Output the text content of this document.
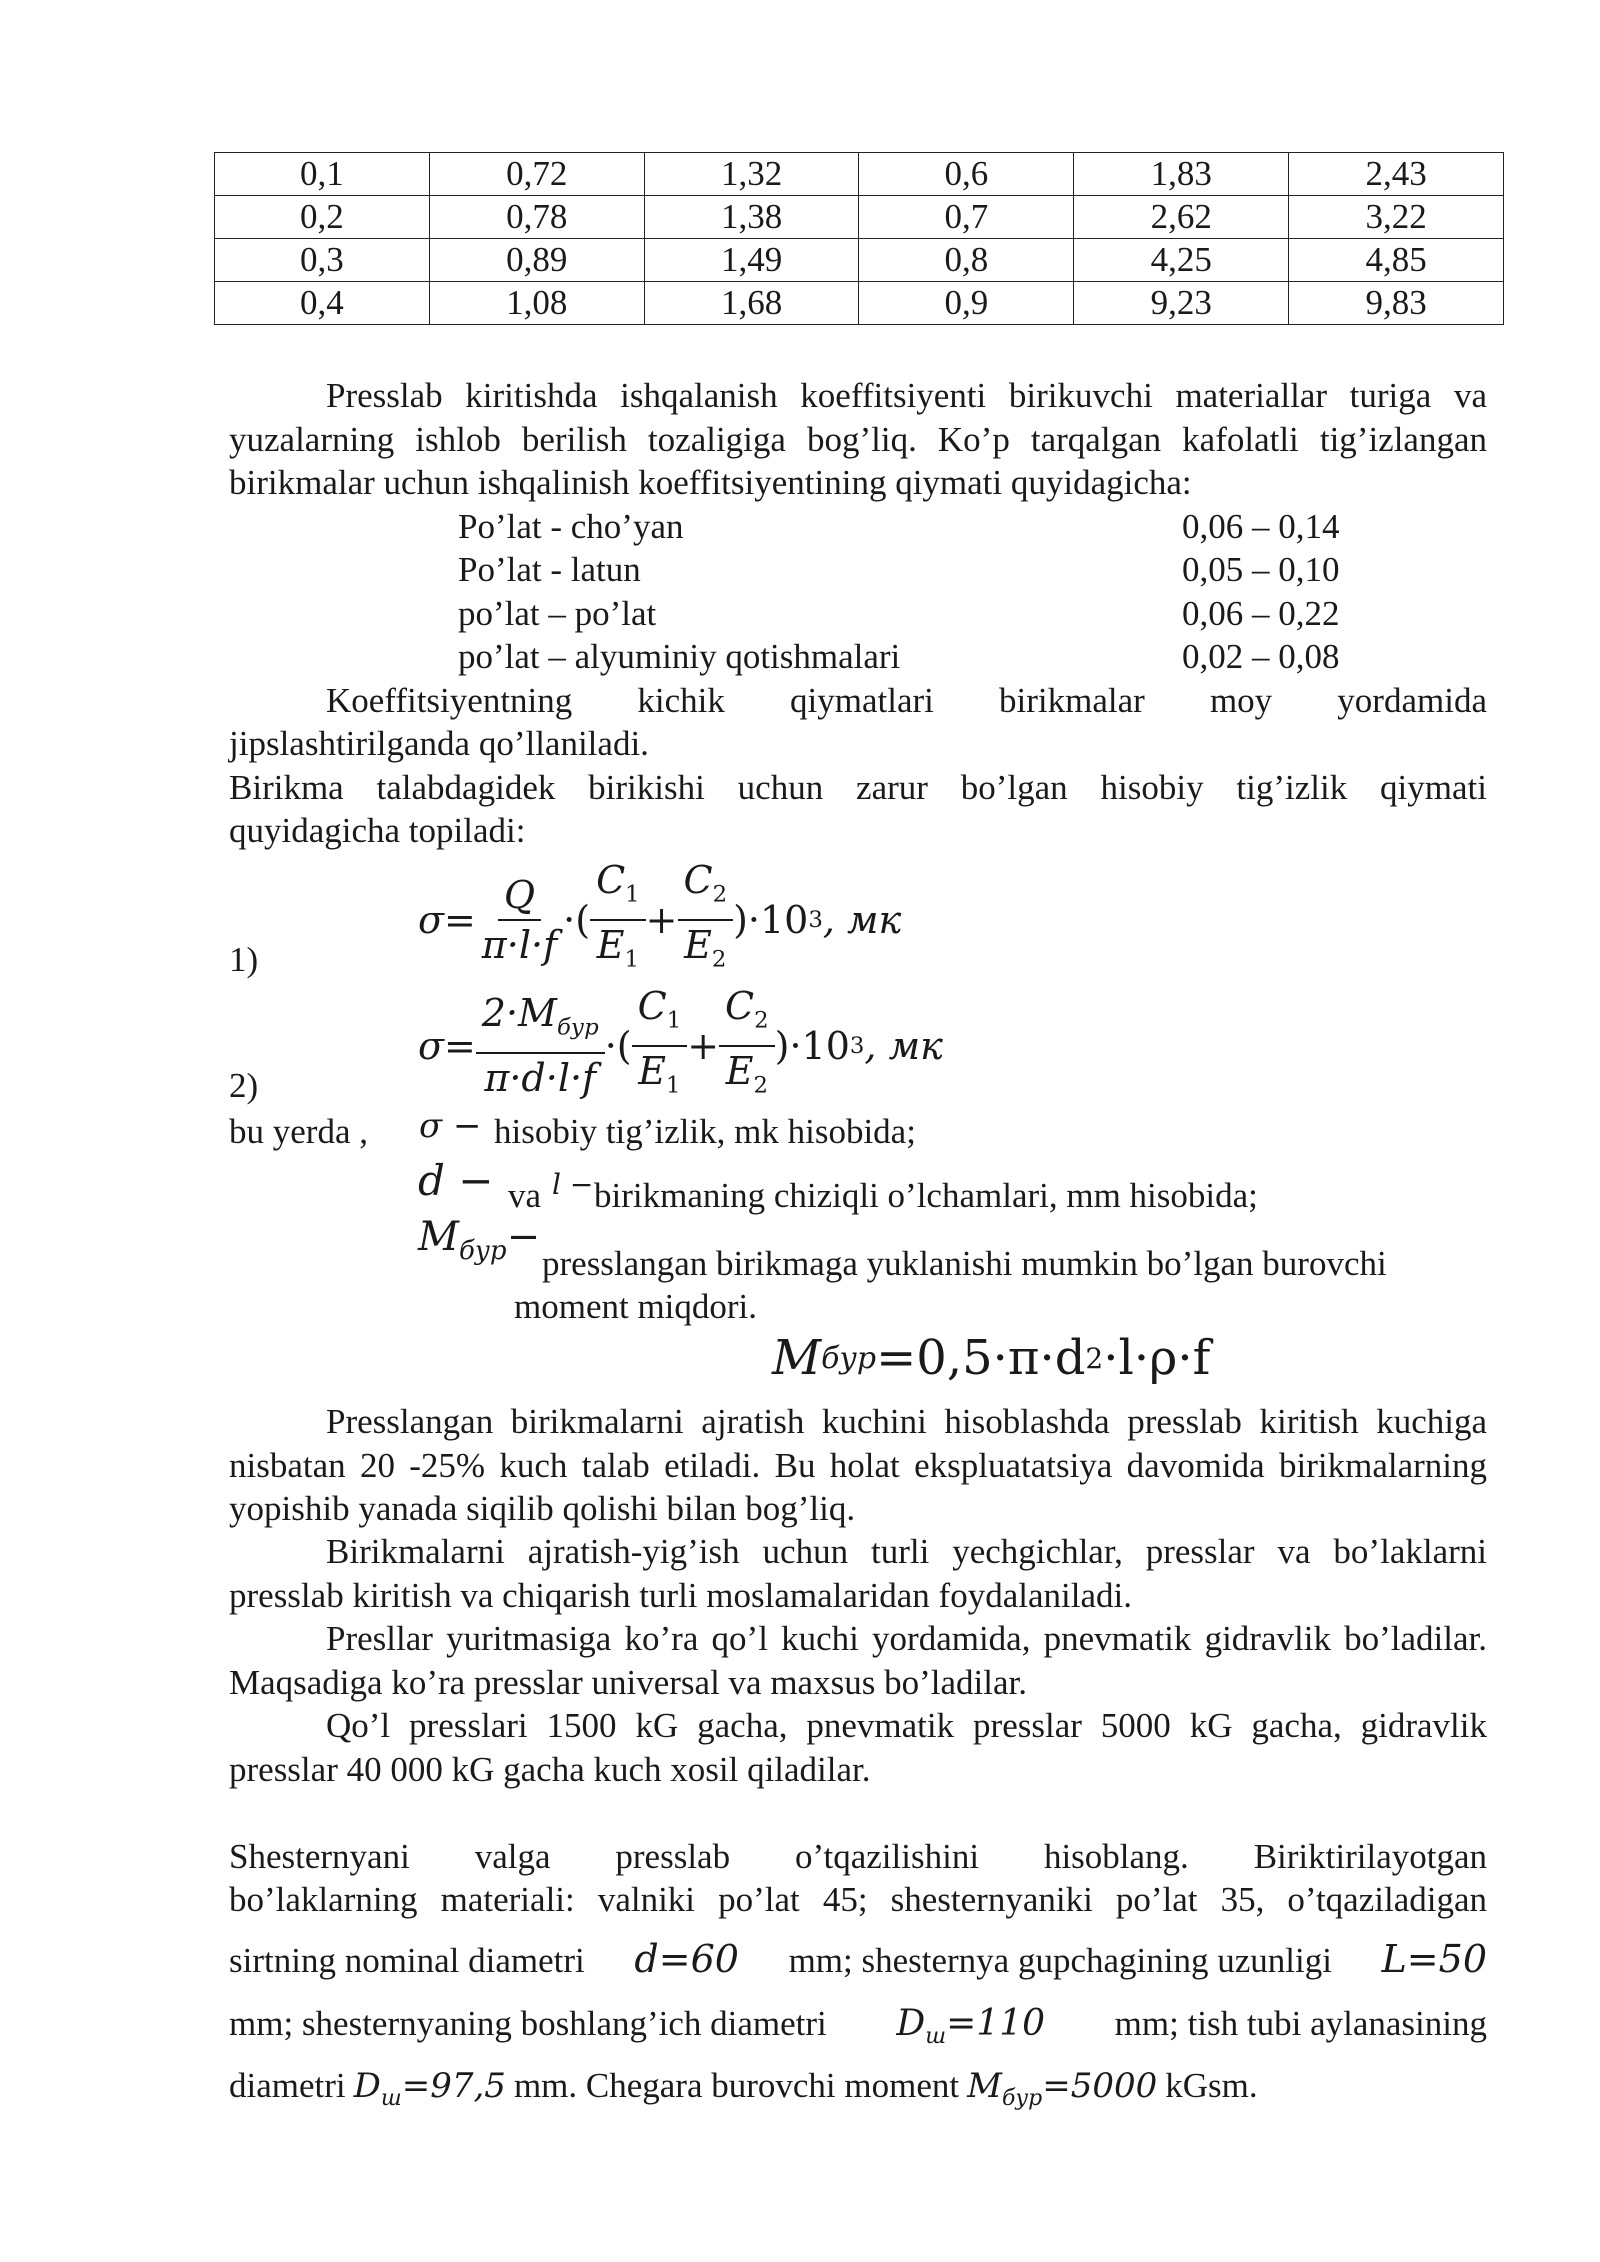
0,1	0,72	1,32	0,6	1,83	2,43
0,2	0,78	1,38	0,7	2,62	3,22
0,3	0,89	1,49	0,8	4,25	4,85
0,4	1,08	1,68	0,9	9,23	9,83
Presslab kiritishda ishqalanish koeffitsiyenti birikuvchi materiallar turiga va yuzalarning ishlob berilish tozaligiga bog’liq. Ko’p tarqalgan kafolatli tig’izlangan birikmalar uchun ishqalinish koeffitsiyentining qiymati quyidagicha:
Po’lat - cho’yan	0,06 – 0,14
Po’lat - latun	0,05 – 0,10
po’lat – po’lat	0,06 – 0,22
po’lat – alyuminiy qotishmalari	0,02 – 0,08
Koeffitsiyentning kichik qiymatlari birikmalar moy yordamida
jipslashtirilganda qo’llaniladi.
Birikma talabdagidek birikishi uchun zarur bo’lgan hisobiy tig’izlik qiymati
quyidagicha topiladi:
$\sigma = \frac{Q}{\pi\cdot l\cdot f}$ ·( $\frac{C_1}{E_1} + \frac{C_2}{E_2} )\cdot 10$ 3 , мк
1)
$\sigma = \frac{2\cdot M_{бур}}{\pi\cdot d\cdot l\cdot f}$ ·( $\frac{C_1}{E_1} + \frac{C_2}{E_2} )\cdot 10$ 3 , мк
2)
bu yerda , σ − hisobiy tig’izlik, mk hisobida;
d − va l − birikmaning chiziqli o’lchamlari, mm hisobida;
$M_{бур}-$
presslangan birikmaga yuklanishi mumkin bo’lgan burovchi
moment miqdori.
M бур =0,5·π·d 2 ·l·ρ·f
Presslangan birikmalarni ajratish kuchini hisoblashda presslab kiritish kuchiga nisbatan 20 -25% kuch talab etiladi. Bu holat ekspluatatsiya davomida birikmalarning yopishib yanada siqilib qolishi bilan bog’liq.
Birikmalarni ajratish-yig’ish uchun turli yechgichlar, presslar va bo’laklarni presslab kiritish va chiqarish turli moslamalaridan foydalaniladi.
Presllar yuritmasiga ko’ra qo’l kuchi yordamida, pnevmatik gidravlik bo’ladilar. Maqsadiga ko’ra presslar universal va maxsus bo’ladilar.
Qo’l presslari 1500 kG gacha, pnevmatik presslar 5000 kG gacha, gidravlik presslar 40 000 kG gacha kuch xosil qiladilar.
Shesternyani valga presslab o’tqazilishini hisoblang. Biriktirilayotgan
bo’laklarning materiali: valniki po’lat 45; shesternyaniki po’lat 35, o’tqaziladigan
sirtning nominal diametri d=60 mm; shesternya gupchagining uzunligi L=50
mm; shesternyaning boshlang’ich diametri $D_ш=110$ mm; tish tubi aylanasining
diametri $D_ш=97,5$ mm. Chegara burovchi moment $M_{бур}=5000$ kGsm.
